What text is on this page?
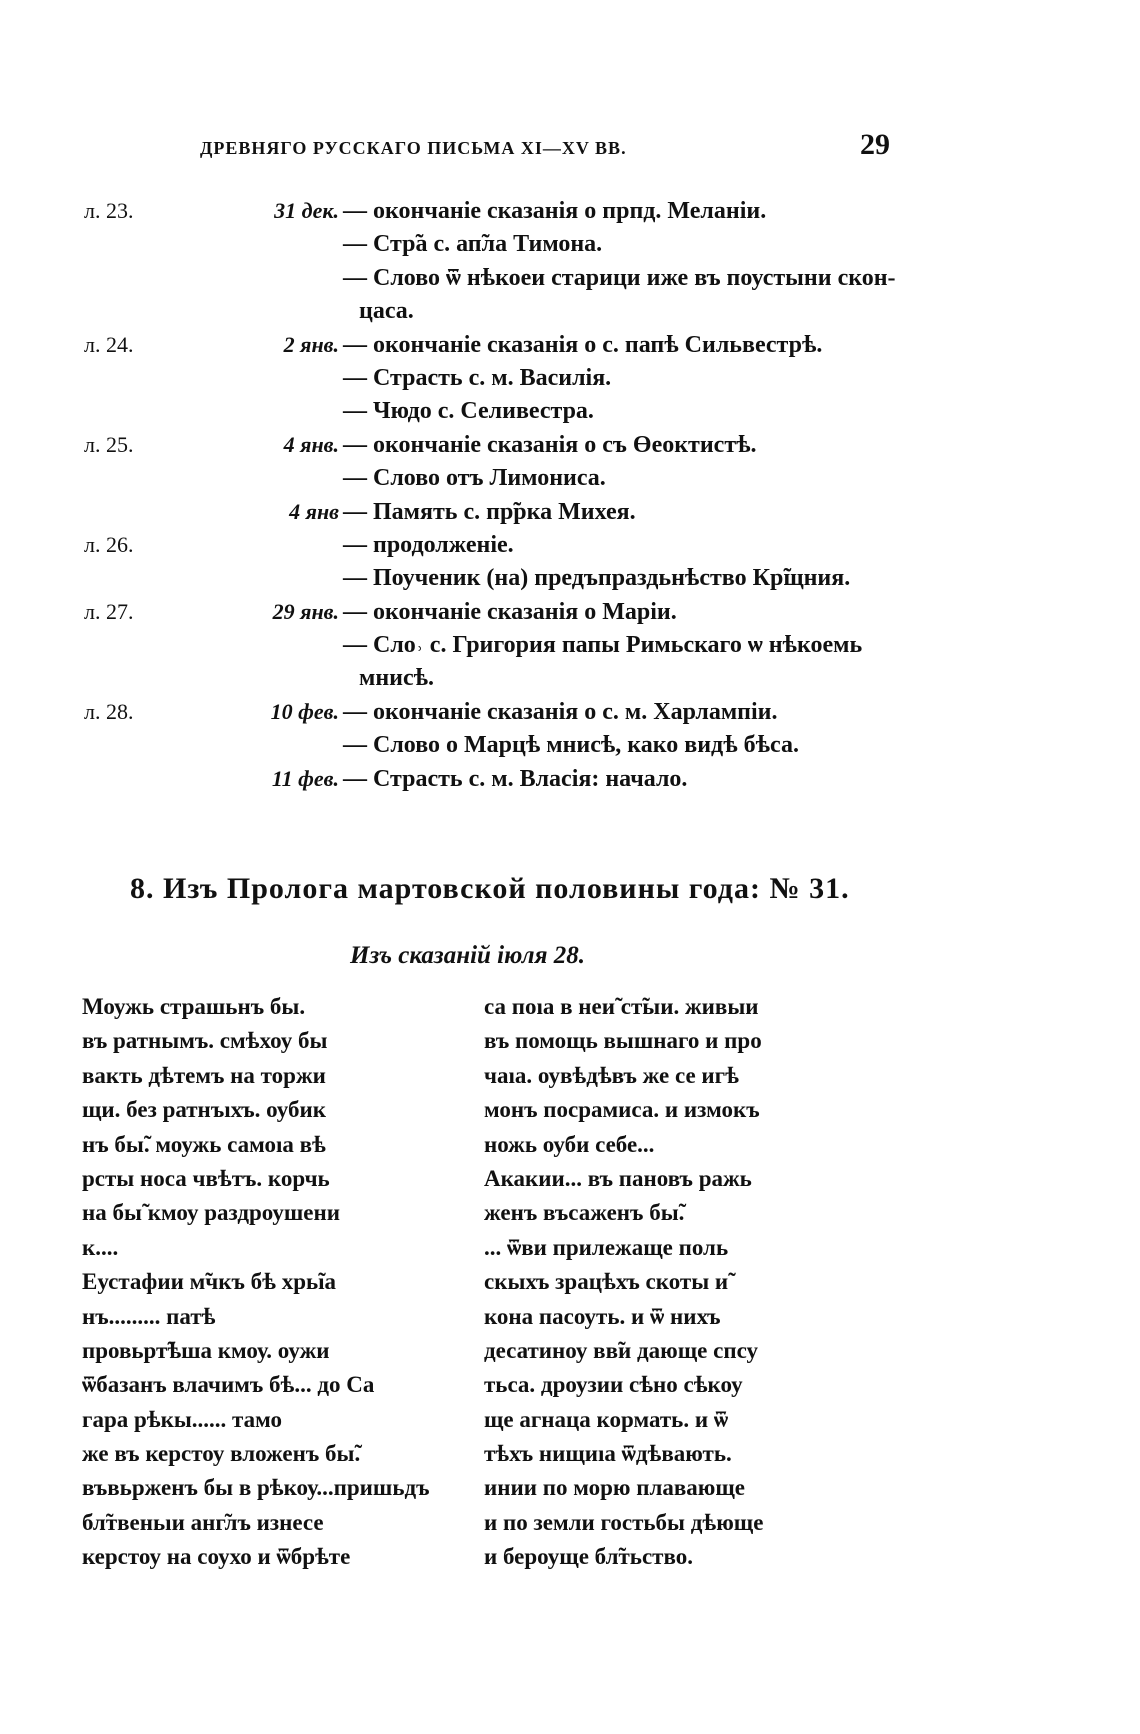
ДРЕВНЯГО РУССКАГО ПИСЬМА XI—XV ВВ.	29
л. 23.	31 дек. — окончаніе сказанія о прпд. Меланіи.
— Стр̃а с. ап̃ла Тимона.
— Слово ѿ нѣкоеи старици иже въ поустыни скон-
цаса.
л. 24.	2 янв. — окончаніе сказанія о с. папѣ Сильвестрѣ.
— Страсть с. м. Василія.
— Чюдо с. Селивестра.
л. 25.	4 янв. — окончаніе сказанія о съ Өеоктистѣ.
— Слово отъ Лимониса.
4 янв — Память с. пр̃рка Михея.
л. 26.	— продолженіе.
— Поученик (на) предъпраздьнѣство Кр̃щния.
л. 27.	29 янв. — окончаніе сказанія о Маріи.
— Сло˒ с. Григория папы Римьскаго ѡ нѣкоемь
мнисѣ.
л. 28.	10 фев. — окончаніе сказанія о с. м. Харлампіи.
— Слово о Марцѣ мнисѣ, како видѣ бѣса.
11 фев. — Страсть с. м. Власія: начало.
8. Изъ Пролога мартовской половины года: № 31.
Изъ сказаній іюля 28.
Моужь страшьнъ бы.
въ ратнымъ. смѣхоу бы
вакть дѣтемъ на торжи
щи. без ратнъıхъ. оубик
нъ бы̃. моужь самоıа вѣ
рсты носа чвѣтъ. корчь
на бы̃ кмоу раздроушени
к....
Еустафии м̃чкъ бѣ хрь̃ıа
нъ......... патѣ
провьрт̃ѣша кмоу. оужи
ѿбазанъ влачимъ бѣ... до Са
гара рѣкы...... тамо
же въ керстоу вложенъ бы̃.
въвьрженъ бы в рѣкоу...пришьдъ
бл̃твеньıи анг̃лъ изнесе
керстоу на соухо и ѿбрѣте
са поıа в неи̃ ст̃ыи. живыи
въ помощь вышнаго и про
чаıа. оувѣдѣвъ же се игѣ
монъ посрамиса. и измокъ
ножь оуби себе...
Акакии... въ пановъ ражь
женъ въсаженъ бы̃.
... ѿви прилежаще поль
скыхъ зрацѣхъ скоты и̃
кона пасоуть. и ѿ нихъ
десатиноу вв̃и дающе спсу
тьса. дроузии сѣно сѣкоу
ще агнаца кормать. и ѿ
тѣхъ нищиıа ѿдѣвають.
инии по морю плавающе
и по земли гостьбы дѣюще
и бероуще бл̃тьство.
